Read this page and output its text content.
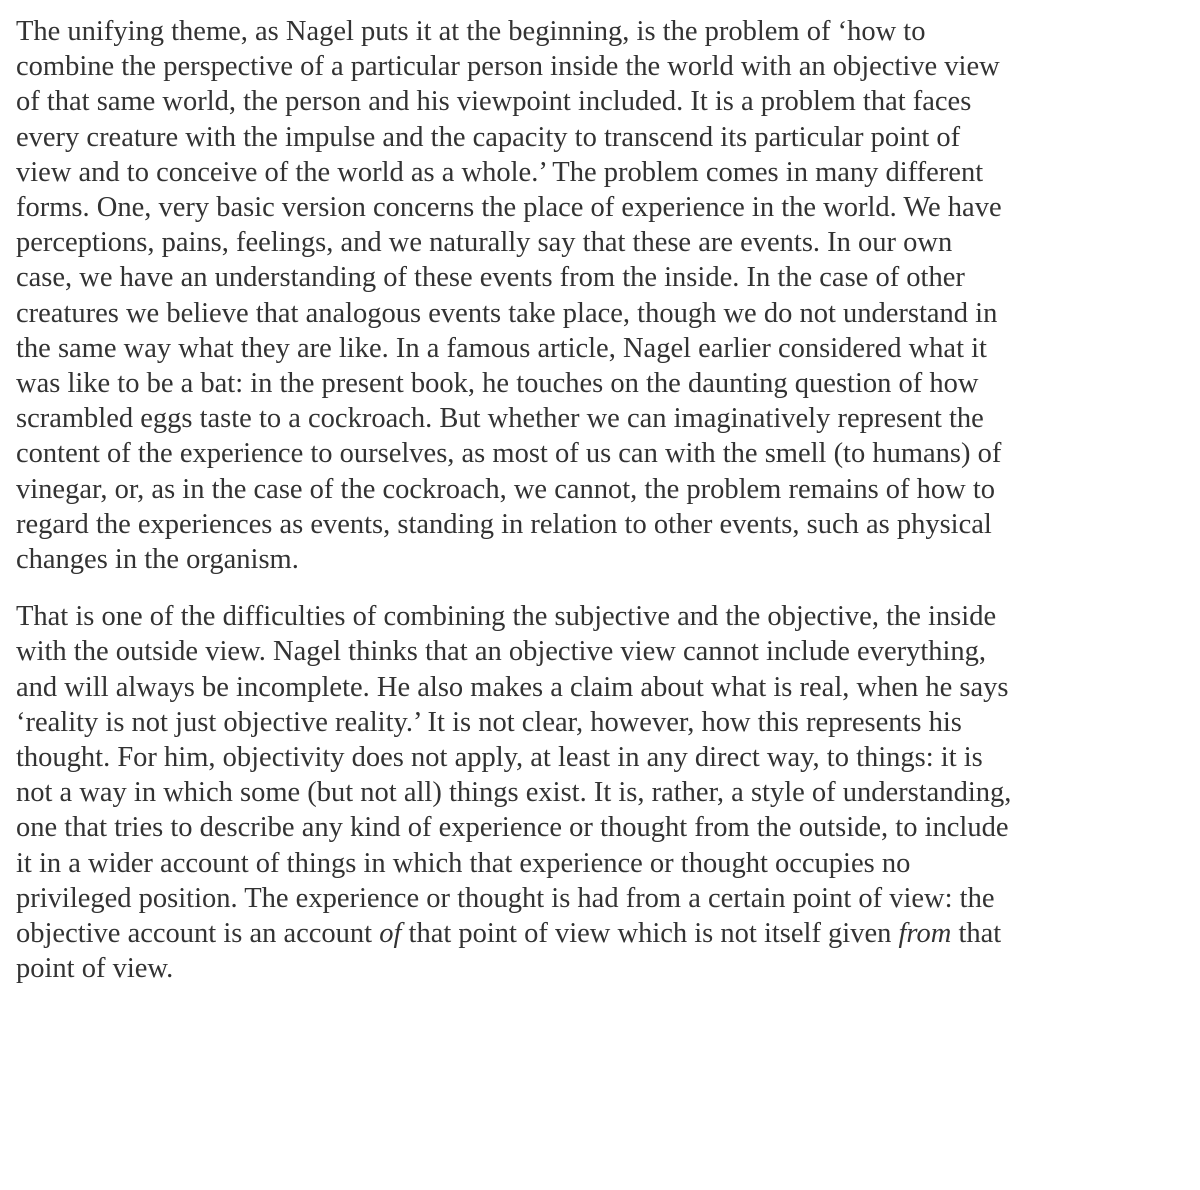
The unifying theme, as Nagel puts it at the beginning, is the problem of ‘how to
combine the perspective of a particular person inside the world with an objective view
of that same world, the person and his viewpoint included. It is a problem that faces
every creature with the impulse and the capacity to transcend its particular point of
view and to conceive of the world as a whole.’ The problem comes in many different
forms. One, very basic version concerns the place of experience in the world. We have
perceptions, pains, feelings, and we naturally say that these are events. In our own
case, we have an understanding of these events from the inside. In the case of other
creatures we believe that analogous events take place, though we do not understand in
the same way what they are like. In a famous article, Nagel earlier considered what it
was like to be a bat: in the present book, he touches on the daunting question of how
scrambled eggs taste to a cockroach. But whether we can imaginatively represent the
content of the experience to ourselves, as most of us can with the smell (to humans) of
vinegar, or, as in the case of the cockroach, we cannot, the problem remains of how to
regard the experiences as events, standing in relation to other events, such as physical
changes in the organism.

That is one of the difficulties of combining the subjective and the objective, the inside
with the outside view. Nagel thinks that an objective view cannot include everything,
and will always be incomplete. He also makes a claim about what is real, when he says
‘reality is not just objective reality.’ It is not clear, however, how this represents his
thought. For him, objectivity does not apply, at least in any direct way, to things: it is
not a way in which some (but not all) things exist. It is, rather, a style of understanding,
one that tries to describe any kind of experience or thought from the outside, to include
it in a wider account of things in which that experience or thought occupies no
privileged position. The experience or thought is had from a certain point of view: the
objective account is an account of that point of view which is not itself given from that
point of view.
